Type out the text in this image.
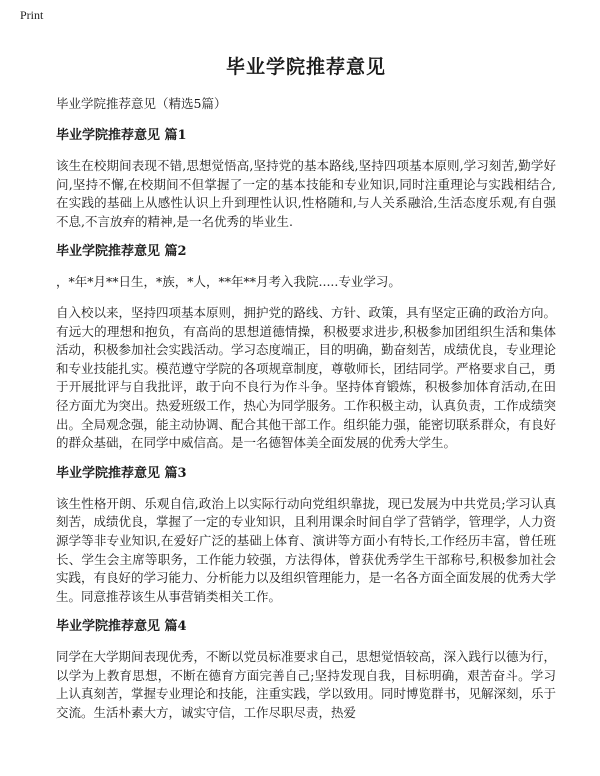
Print
毕业学院推荐意见
毕业学院推荐意见（精选5篇）
毕业学院推荐意见 篇1
该生在校期间表现不错,思想觉悟高,坚持党的基本路线,坚持四项基本原则,学习刻苦,勤学好问,坚持不懈,在校期间不但掌握了一定的基本技能和专业知识,同时注重理论与实践相结合,在实践的基础上从感性认识上升到理性认识,性格随和,与人关系融洽,生活态度乐观,有自强不息,不言放弃的精神,是一名优秀的毕业生.
毕业学院推荐意见 篇2
，*年*月**日生，*族，*人，**年**月考入我院.....专业学习。
自入校以来，坚持四项基本原则，拥护党的路线、方针、政策，具有坚定正确的政治方向。有远大的理想和抱负，有高尚的思想道德情操，积极要求进步,积极参加团组织生活和集体活动，积极参加社会实践活动。学习态度端正，目的明确，勤奋刻苦，成绩优良，专业理论和专业技能扎实。模范遵守学院的各项规章制度，尊敬师长，团结同学。严格要求自己，勇于开展批评与自我批评，敢于向不良行为作斗争。坚持体育锻炼，积极参加体育活动,在田径方面尤为突出。热爱班级工作，热心为同学服务。工作积极主动，认真负责，工作成绩突出。全局观念强，能主动协调、配合其他干部工作。组织能力强，能密切联系群众，有良好的群众基础，在同学中威信高。是一名德智体美全面发展的优秀大学生。
毕业学院推荐意见 篇3
该生性格开朗、乐观自信,政治上以实际行动向党组织靠拢，现已发展为中共党员;学习认真刻苦，成绩优良，掌握了一定的专业知识，且利用课余时间自学了营销学，管理学，人力资源学等非专业知识,在爱好广泛的基础上体育、演讲等方面小有特长,工作经历丰富，曾任班长、学生会主席等职务，工作能力较强，方法得体，曾获优秀学生干部称号,积极参加社会实践，有良好的学习能力、分析能力以及组织管理能力，是一名各方面全面发展的优秀大学生。同意推荐该生从事营销类相关工作。
毕业学院推荐意见 篇4
同学在大学期间表现优秀，不断以党员标准要求自己，思想觉悟较高，深入践行以德为行，以学为上教育思想，不断在德育方面完善自己;坚持发现自我，目标明确，艰苦奋斗。学习上认真刻苦，掌握专业理论和技能，注重实践，学以致用。同时博览群书，见解深刻，乐于交流。生活朴素大方，诚实守信，工作尽职尽责，热爱
